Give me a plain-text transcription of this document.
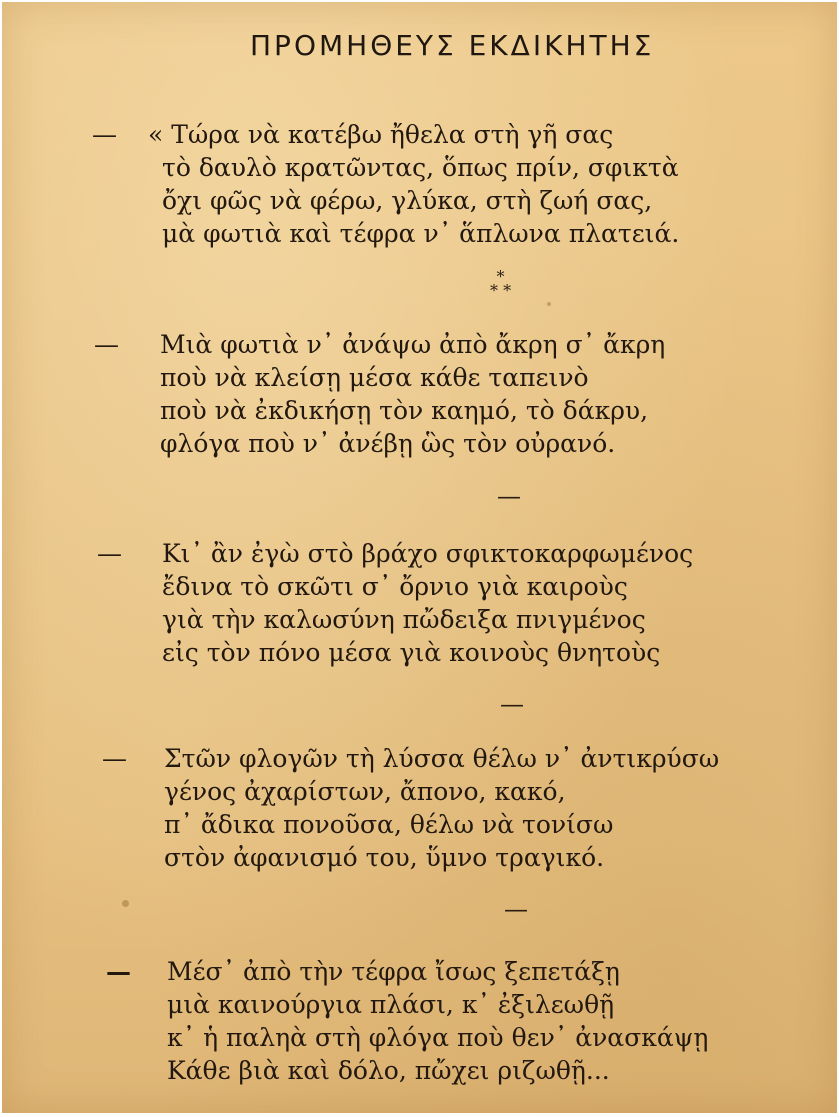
ΠΡΟΜΗΘΕΥΣ ΕΚΔΙΚΗΤΗΣ
— « Τώρα νὰ κατέβω ἤθελα στὴ γῆ σας
τὸ δαυλὸ κρατῶντας, ὅπως πρίν, σφικτὰ
ὄχι φῶς νὰ φέρω, γλύκα, στὴ ζωή σας,
μὰ φωτιὰ καὶ τέφρα ν᾿ ἅπλωνα πλατειά.
*
* *
— Μιὰ φωτιὰ ν᾿ ἀνάψω ἀπὸ ἄκρη σ᾿ ἄκρη
ποὺ νὰ κλείσῃ μέσα κάθε ταπεινὸ
ποὺ νὰ ἐκδικήσῃ τὸν καημό, τὸ δάκρυ,
φλόγα ποὺ ν᾿ ἀνέβῃ ὣς τὸν οὐρανό.
—
— Κι᾿ ἂν ἐγὼ στὸ βράχο σφικτοκαρφωμένος
ἔδινα τὸ σκῶτι σ᾿ ὄρνιο γιὰ καιροὺς
γιὰ τὴν καλωσύνη πὤδειξα πνιγμένος
εἰς τὸν πόνο μέσα γιὰ κοινοὺς θνητοὺς
—
— Στῶν φλογῶν τὴ λύσσα θέλω ν᾿ ἀντικρύσω
γένος ἀχαρίστων, ἄπονο, κακό,
π᾿ ἄδικα πονοῦσα, θέλω νὰ τονίσω
στὸν ἀφανισμό του, ὕμνο τραγικό.
—
— Μέσ᾿ ἀπὸ τὴν τέφρα ἴσως ξεπετάξῃ
μιὰ καινούργια πλάσι, κ᾿ ἐξιλεωθῇ
κ᾿ ἡ παληὰ στὴ φλόγα ποὺ θεν᾿ ἀνασκάψῃ
Κάθε βιὰ καὶ δόλο, πὤχει ριζωθῇ...
